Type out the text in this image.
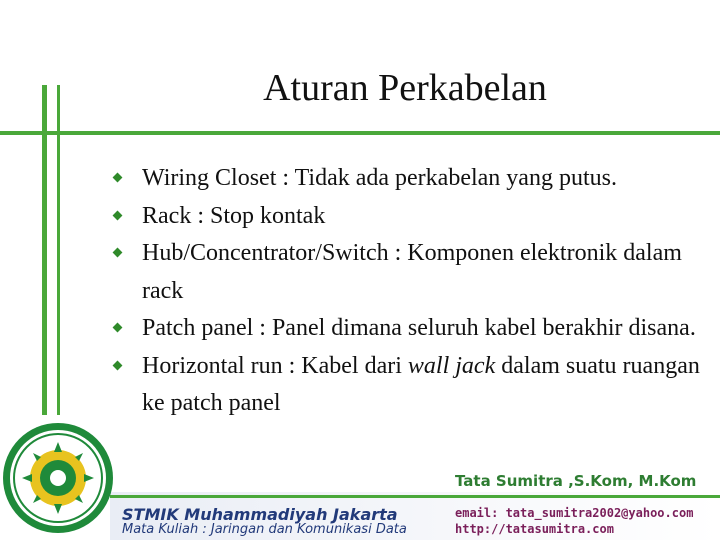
Aturan Perkabelan
Wiring Closet : Tidak ada perkabelan yang putus.
Rack : Stop kontak
Hub/Concentrator/Switch : Komponen elektronik dalam rack
Patch panel : Panel dimana seluruh kabel berakhir disana.
Horizontal run : Kabel dari wall jack dalam suatu ruangan ke patch panel
Tata Sumitra ,S.Kom, M.Kom
STMIK Muhammadiyah Jakarta
Mata Kuliah : Jaringan dan Komunikasi Data
email: tata_sumitra2002@yahoo.com
http://tatasumitra.com
